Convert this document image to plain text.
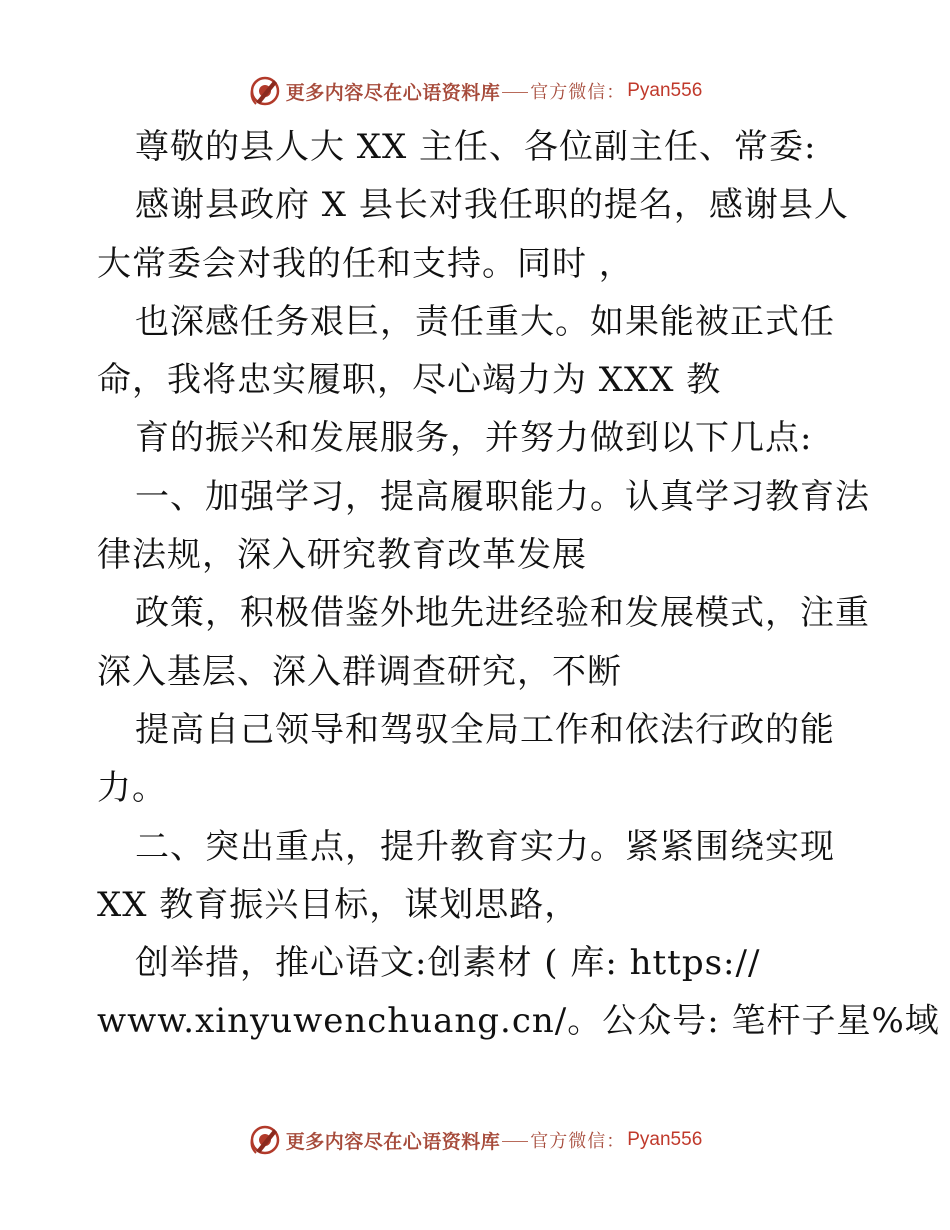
更多内容尽在心语资料库 官方微信： Pyan556
尊敬的县人大 XX 主任、各位副主任、常委:
感谢县政府 X 县长对我任职的提名，感谢县人
大常委会对我的任和支持。同时 ，
也深感任务艰巨，责任重大。如果能被正式任
命，我将忠实履职，尽心竭力为 XXX 教
育的振兴和发展服务，并努力做到以下几点:
一、加强学习，提高履职能力。认真学习教育法
律法规，深入研究教育改革发展
政策，积极借鉴外地先进经验和发展模式，注重
深入基层、深入群调查研究，不断
提高自己领导和驾驭全局工作和依法行政的能
力。
二、突出重点，提升教育实力。紧紧围绕实现
XX 教育振兴目标，谋划思路，
创举措，推心语文:创素材 ( 库: https://
www.xinyuwenchuang.cn/。公众号: 笔杆子星%域
更多内容尽在心语资料库 官方微信： Pyan556
